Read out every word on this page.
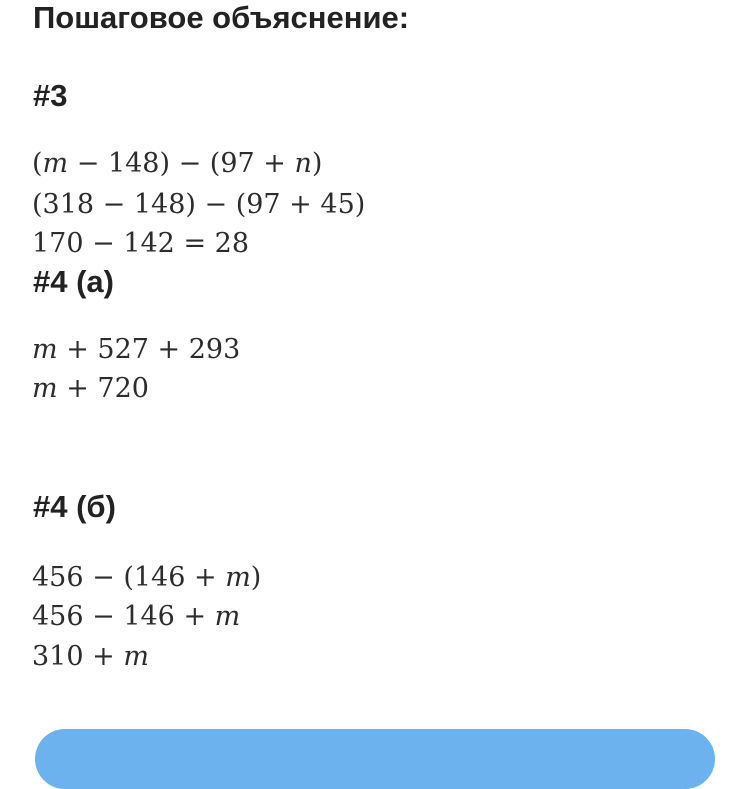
Пошаговое объяснение:
#3
(m − 148) − (97 + n)
(318 − 148) − (97 + 45)
170 − 142 = 28
#4 (а)
m + 527 + 293
m + 720
#4 (б)
456 − (146 + m)
456 − 146 + m
310 + m
